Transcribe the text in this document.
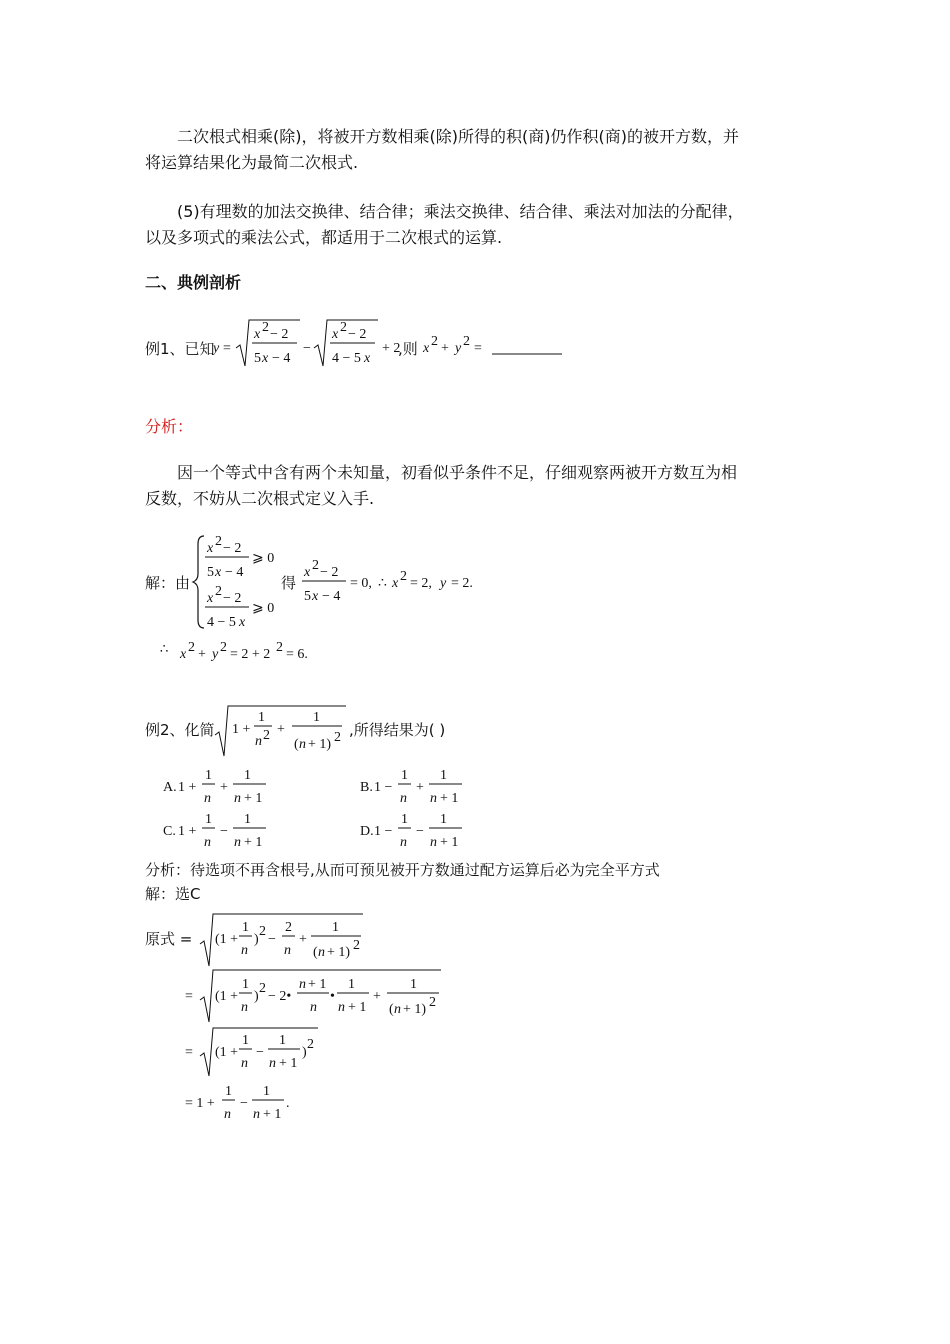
二次根式相乘(除)，将被开方数相乘(除)所得的积(商)仍作积(商)的被开方数，并
将运算结果化为最简二次根式.
(5)有理数的加法交换律、结合律；乘法交换律、结合律、乘法对加法的分配律，
以及多项式的乘法公式，都适用于二次根式的运算.
二、典例剖析
分析：
因一个等式中含有两个未知量，初看似乎条件不足，仔细观察两被开方数互为相
反数，不妨从二次根式定义入手.
例1、已知	,则
y =
x 2 − 2
5 x − 4
−
x 2 − 2
4 − 5 x
+ 2 x 2 + y 2 =
解：由	得
∴
x 2 − 2
5 x − 4
⩾ 0
x 2 − 2
4 − 5 x
⩾ 0
x 2 − 2
5 x − 4
= 0, ∴ x 2 = 2, y = 2.
x 2 + y 2 = 2 + 2 2 = 6.
例2、化简	,所得结果为( )
1 +
1
n 2 +
1
( n + 1) 2
A. 1 +
1
n
+
1
n + 1
B. 1 −
1
n
+
1
n + 1
C. 1 +
1
n
−
1
n + 1
D. 1 −
1
n
−
1
n + 1
分析：待选项不再含根号,从而可预见被开方数通过配方运算后必为完全平方式
解：选C
原式 = (1 +
1
n
)
2
−
2
n
+
1
( n + 1) 2
= (1 +
1
n
)
2
− 2•
n + 1
n
•
1
n + 1
+
1
( n + 1) 2
= (1 +
1
n
−
1
n + 1
)
2
= 1 +
1
n
−
1
n + 1
.
